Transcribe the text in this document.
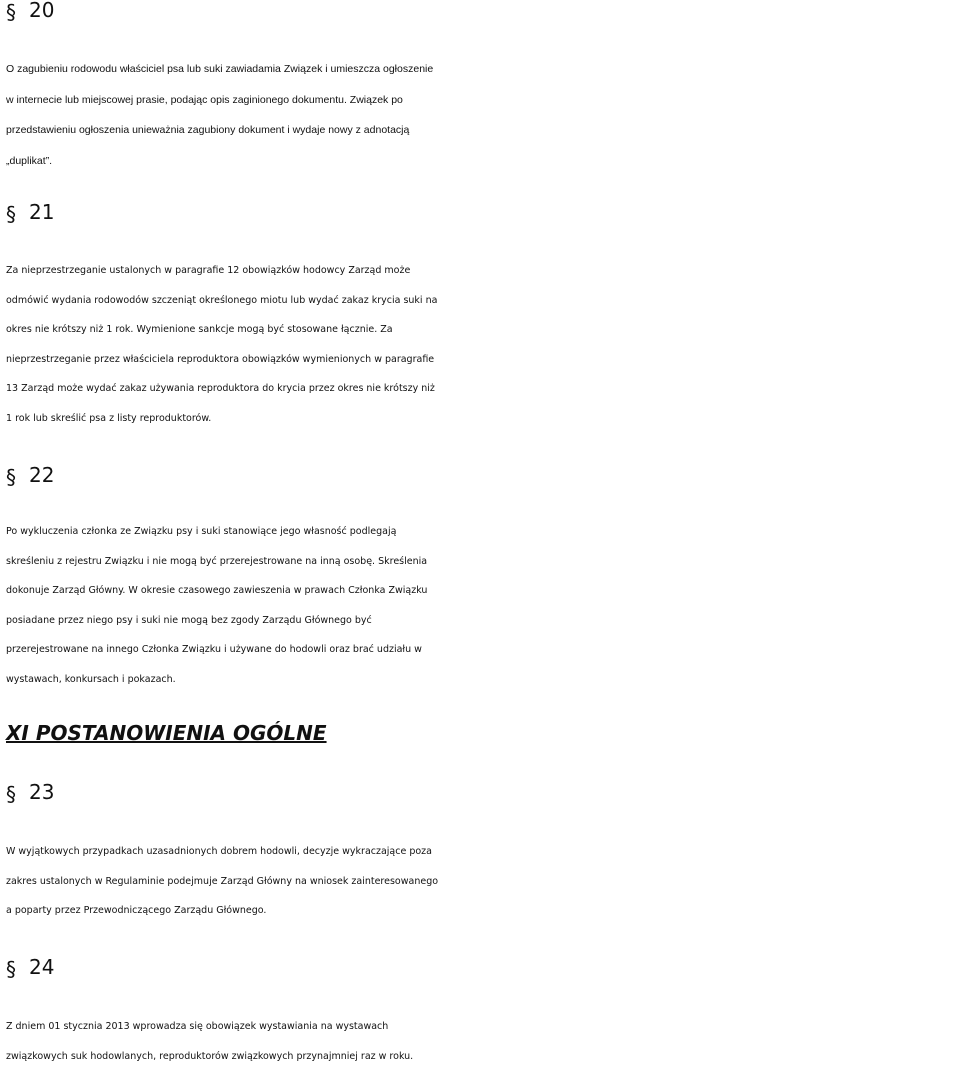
§ 20
O zagubieniu rodowodu właściciel psa lub suki zawiadamia Związek i umieszcza ogłoszenie
w internecie lub miejscowej prasie, podając opis zaginionego dokumentu. Związek po
przedstawieniu ogłoszenia unieważnia zagubiony dokument i wydaje nowy z adnotacją
„duplikat”.
§ 21
Za nieprzestrzeganie ustalonych w paragrafie 12 obowiązków hodowcy Zarząd może
odmówić wydania rodowodów szczeniąt określonego miotu lub wydać zakaz krycia suki na
okres nie krótszy niż 1 rok. Wymienione sankcje mogą być stosowane łącznie. Za
nieprzestrzeganie przez właściciela reproduktora obowiązków wymienionych w paragrafie
13 Zarząd może wydać zakaz używania reproduktora do krycia przez okres nie krótszy niż
1 rok lub skreślić psa z listy reproduktorów.
§ 22
Po wykluczenia członka ze Związku psy i suki stanowiące jego własność podlegają
skreśleniu z rejestru Związku i nie mogą być przerejestrowane na inną osobę. Skreślenia
dokonuje Zarząd Główny. W okresie czasowego zawieszenia w prawach Członka Związku
posiadane przez niego psy i suki nie mogą bez zgody Zarządu Głównego być
przerejestrowane na innego Członka Związku i używane do hodowli oraz brać udziału w
wystawach, konkursach i pokazach.
XI POSTANOWIENIA OGÓLNE
§ 23
W wyjątkowych przypadkach uzasadnionych dobrem hodowli, decyzje wykraczające poza
zakres ustalonych w Regulaminie podejmuje Zarząd Główny na wniosek zainteresowanego
a poparty przez Przewodniczącego Zarządu Głównego.
§ 24
Z dniem 01 stycznia 2013 wprowadza się obowiązek wystawiania na wystawach
związkowych suk hodowlanych, reproduktorów związkowych przynajmniej raz w roku.
